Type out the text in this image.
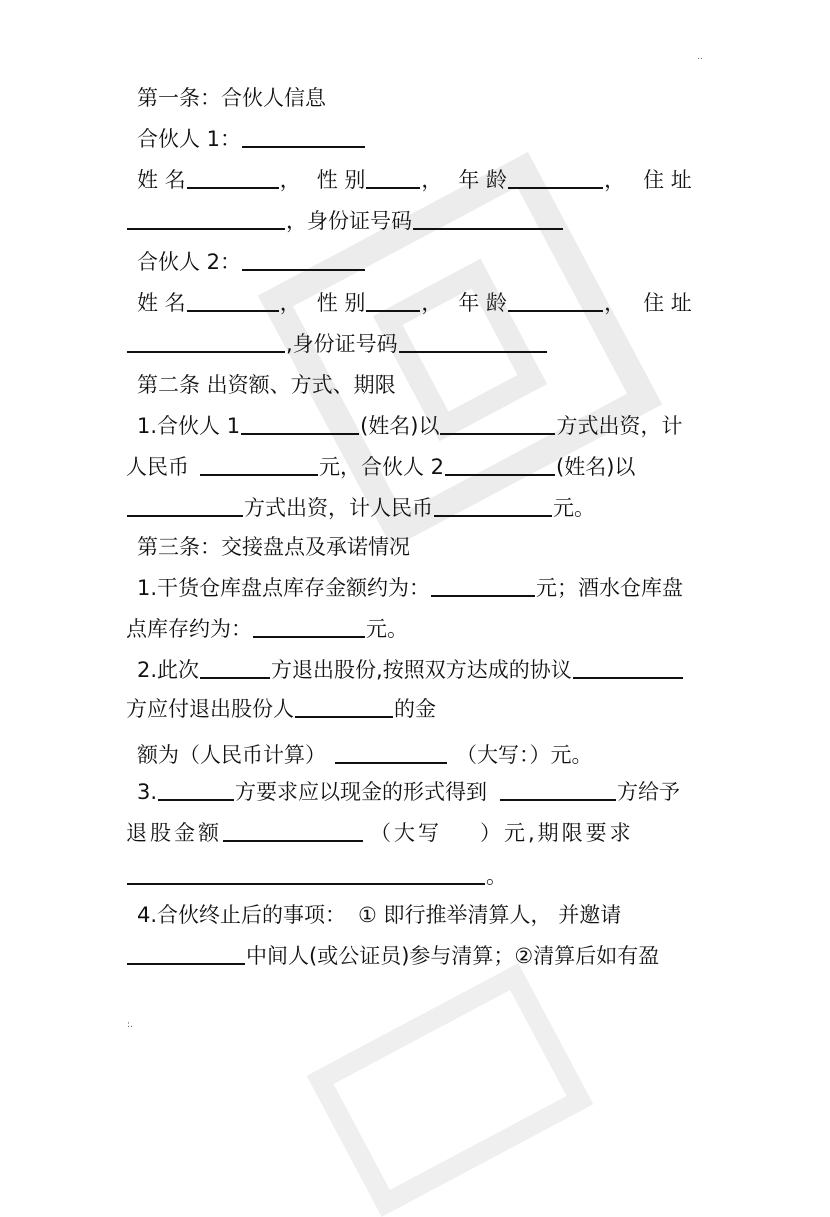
..
第一条：合伙人信息
合伙人 1：
姓 名	， 性 别	， 年 龄	， 住 址
，身份证号码
合伙人 2：
姓 名	， 性 别	， 年 龄	， 住 址
,身份证号码
第二条 出资额、方式、期限
1.合伙人 1	(姓名)以	方式出资，计
人民币	元，合伙人 2	(姓名)以
方式出资，计人民币	元。
第三条：交接盘点及承诺情况
1.干货仓库盘点库存金额约为：	元；酒水仓库盘
点库存约为：	元。
2.此次	方退出股份,按照双方达成的协议
方应付退出股份人	的金
额为（人民币计算）	（大写：）元。
3.	方要求应以现金的形式得到	方给予
退股金额	（大写 ）元,期限要求
。
4.合伙终止后的事项： ① 即行推举清算人， 并邀请
中间人(或公证员)参与清算；②清算后如有盈
:.
